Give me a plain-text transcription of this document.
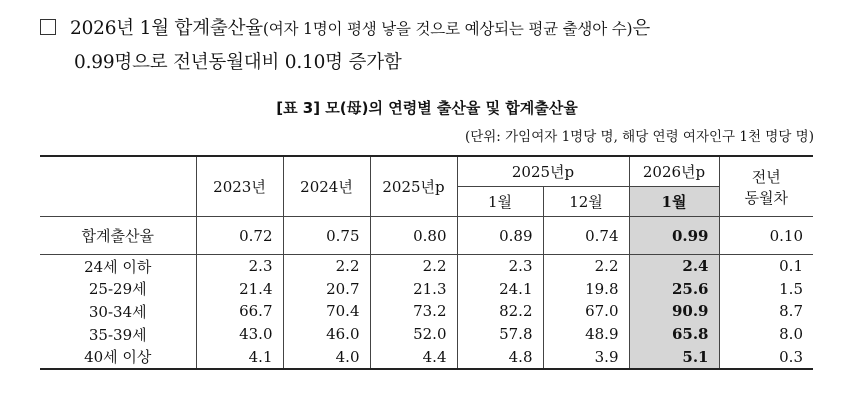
2026년 1월 합계출산율(여자 1명이 평생 낳을 것으로 예상되는 평균 출생아 수)은
0.99명으로 전년동월대비 0.10명 증가함
[표 3] 모(母)의 연령별 출산율 및 합계출산율
(단위: 가임여자 1명당 명, 해당 연령 여자인구 1천 명당 명)
	2023년	2024년	2025년p	2025년p		2026년p	전년
동월차

				1월	12월	1월	
합계출산율	0.72	0.75	0.80	0.89	0.74	0.99	0.10
24세 이하	2.3	2.2	2.2	2.3	2.2	2.4	0.1
25-29세	21.4	20.7	21.3	24.1	19.8	25.6	1.5
30-34세	66.7	70.4	73.2	82.2	67.0	90.9	8.7
35-39세	43.0	46.0	52.0	57.8	48.9	65.8	8.0
40세 이상	4.1	4.0	4.4	4.8	3.9	5.1	0.3
